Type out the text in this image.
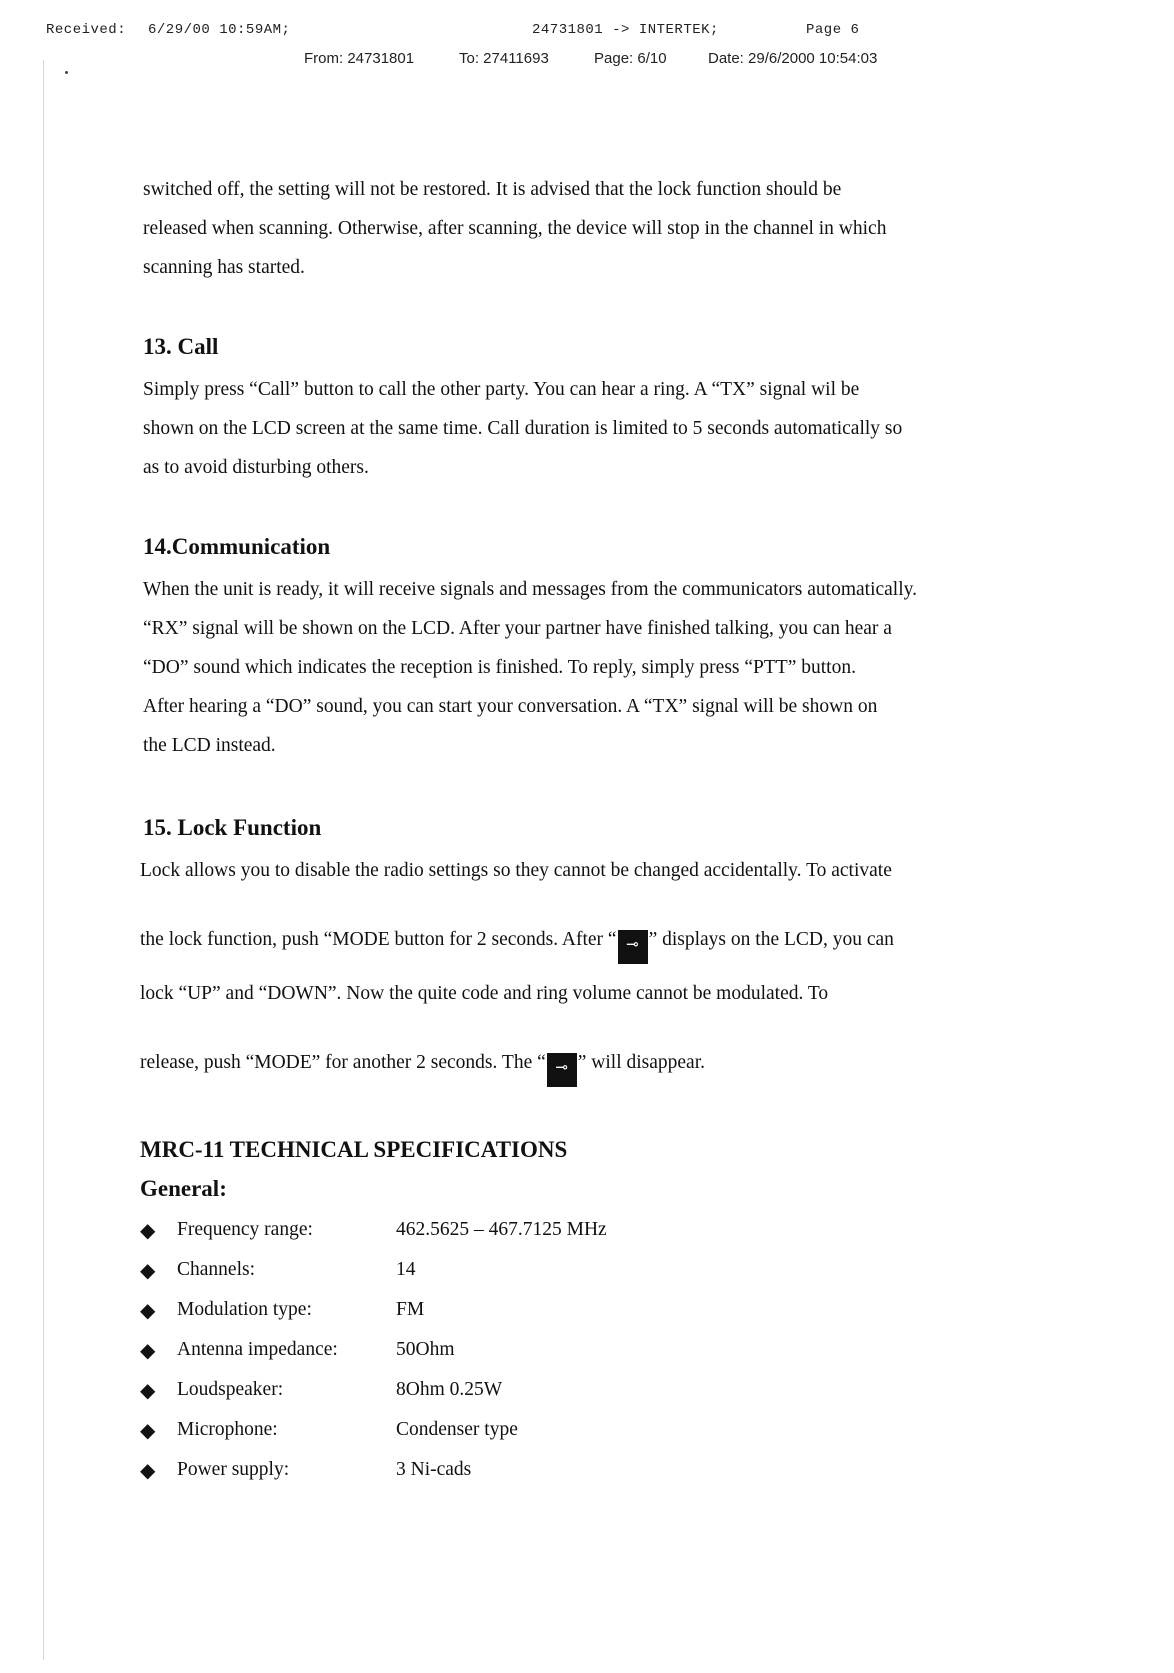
Received:

6/29/00 10:59AM;

	24731801 -> INTERTEK;

	Page 6

From: 24731801	To: 27411693	Page: 6/10	Date: 29/6/2000 10:54:03
switched off, the setting will not be restored. It is advised that the lock function should be
released when scanning. Otherwise, after scanning, the device will stop in the channel in which
scanning has started.
13. Call
Simply press “Call” button to call the other party. You can hear a ring. A “TX” signal wil be
shown on the LCD screen at the same time. Call duration is limited to 5 seconds automatically so
as to avoid disturbing others.
14.Communication
When the unit is ready, it will receive signals and messages from the communicators automatically.
“RX” signal will be shown on the LCD. After your partner have finished talking, you can hear a
“DO” sound which indicates the reception is finished. To reply, simply press “PTT” button.
After hearing a “DO” sound, you can start your conversation. A “TX” signal will be shown on
the LCD instead.
15. Lock Function
Lock allows you to disable the radio settings so they cannot be changed accidentally. To activate
the lock function, push “MODE button for 2 seconds. After “ ⊸ ” displays on the LCD, you can
lock “UP” and “DOWN”. Now the quite code and ring volume cannot be modulated. To
release, push “MODE” for another 2 seconds. The “ ⊸ ” will disappear.
MRC-11 TECHNICAL SPECIFICATIONS
General:
◆ Frequency range:	462.5625 – 467.7125 MHz
◆ Channels:	14
◆ Modulation type:	FM
◆ Antenna impedance:	50Ohm
◆ Loudspeaker:	8Ohm 0.25W
◆ Microphone:	Condenser type
◆ Power supply:	3 Ni-cads
